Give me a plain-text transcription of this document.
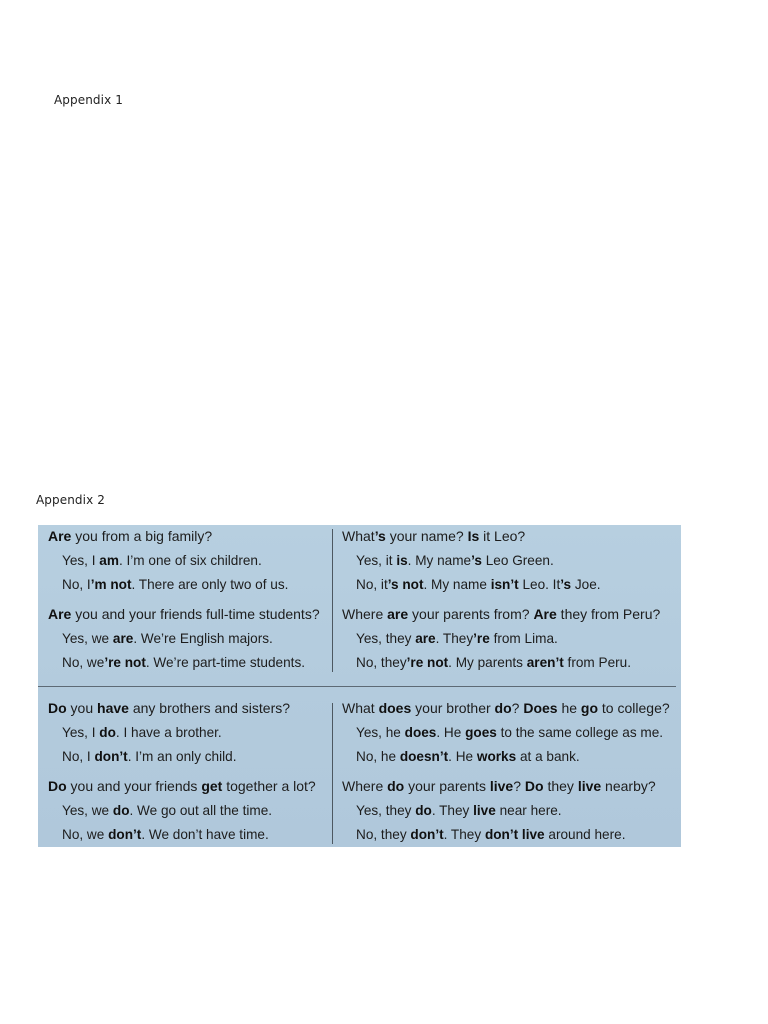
Appendix 1
Appendix 2
Are you from a big family?
Yes, I am. I’m one of six children.
No, I’m not. There are only two of us.
What’s your name? Is it Leo?
Yes, it is. My name’s Leo Green.
No, it’s not. My name isn’t Leo. It’s Joe.
Are you and your friends full-time students?
Yes, we are. We’re English majors.
No, we’re not. We’re part-time students.
Where are your parents from? Are they from Peru?
Yes, they are. They’re from Lima.
No, they’re not. My parents aren’t from Peru.
Do you have any brothers and sisters?
Yes, I do. I have a brother.
No, I don’t. I’m an only child.
What does your brother do? Does he go to college?
Yes, he does. He goes to the same college as me.
No, he doesn’t. He works at a bank.
Do you and your friends get together a lot?
Yes, we do. We go out all the time.
No, we don’t. We don’t have time.
Where do your parents live? Do they live nearby?
Yes, they do. They live near here.
No, they don’t. They don’t live around here.
